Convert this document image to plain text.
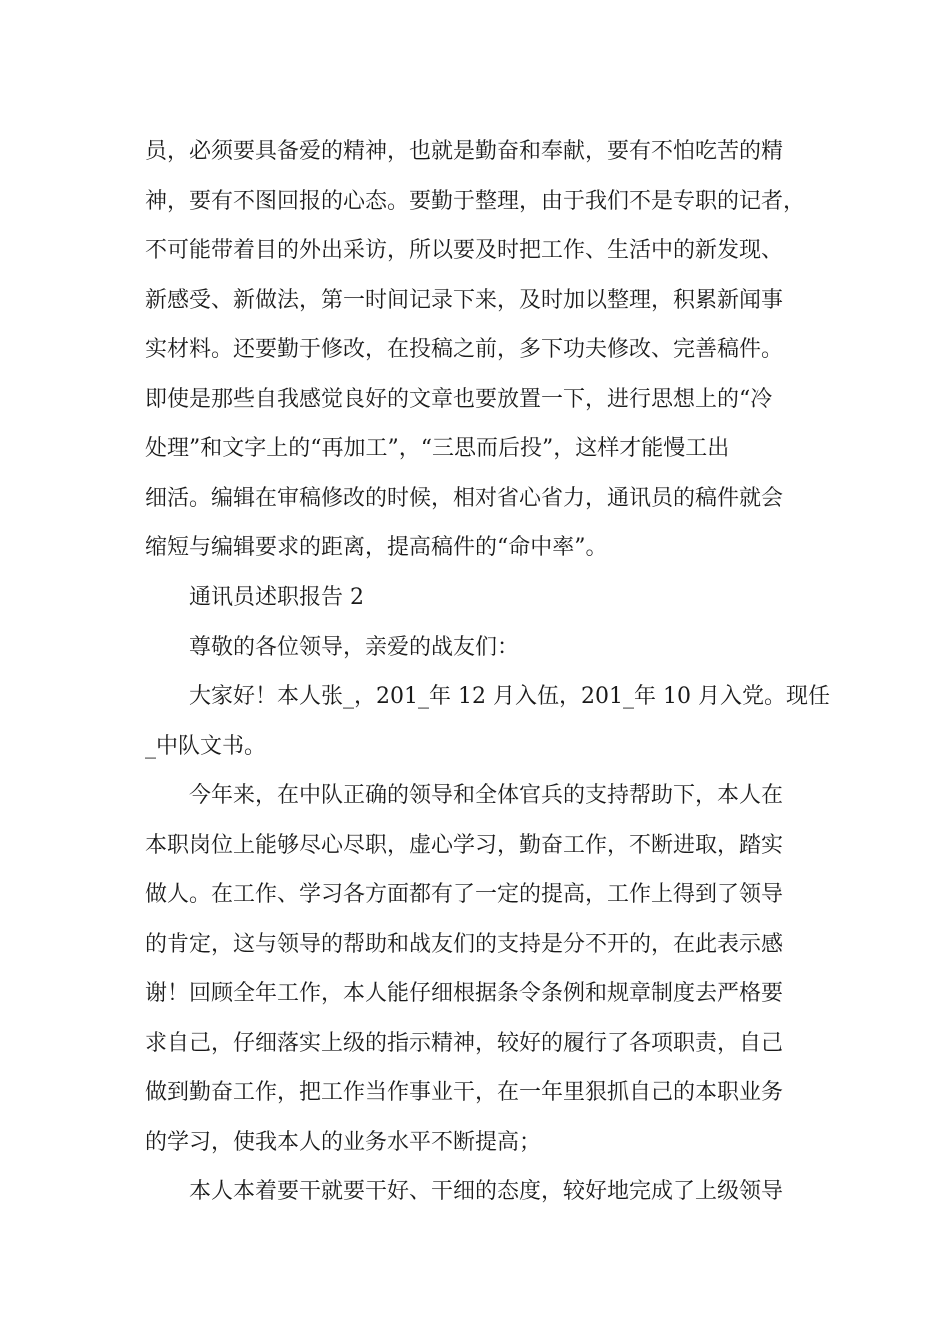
员，必须要具备爱的精神，也就是勤奋和奉献，要有不怕吃苦的精
神，要有不图回报的心态。要勤于整理，由于我们不是专职的记者，
不可能带着目的外出采访，所以要及时把工作、生活中的新发现、
新感受、新做法，第一时间记录下来，及时加以整理，积累新闻事
实材料。还要勤于修改，在投稿之前，多下功夫修改、完善稿件。
即使是那些自我感觉良好的文章也要放置一下，进行思想上的“冷
处理”和文字上的“再加工”，“三思而后投”，这样才能慢工出
细活。编辑在审稿修改的时候，相对省心省力，通讯员的稿件就会
缩短与编辑要求的距离，提高稿件的“命中率”。
通讯员述职报告 2
尊敬的各位领导，亲爱的战友们：
大家好！本人张_，201_年 12 月入伍，201_年 10 月入党。现任
_中队文书。
今年来，在中队正确的领导和全体官兵的支持帮助下，本人在
本职岗位上能够尽心尽职，虚心学习，勤奋工作，不断进取，踏实
做人。在工作、学习各方面都有了一定的提高，工作上得到了领导
的肯定，这与领导的帮助和战友们的支持是分不开的，在此表示感
谢！回顾全年工作，本人能仔细根据条令条例和规章制度去严格要
求自己，仔细落实上级的指示精神，较好的履行了各项职责，自己
做到勤奋工作，把工作当作事业干，在一年里狠抓自己的本职业务
的学习，使我本人的业务水平不断提高；
本人本着要干就要干好、干细的态度，较好地完成了上级领导
